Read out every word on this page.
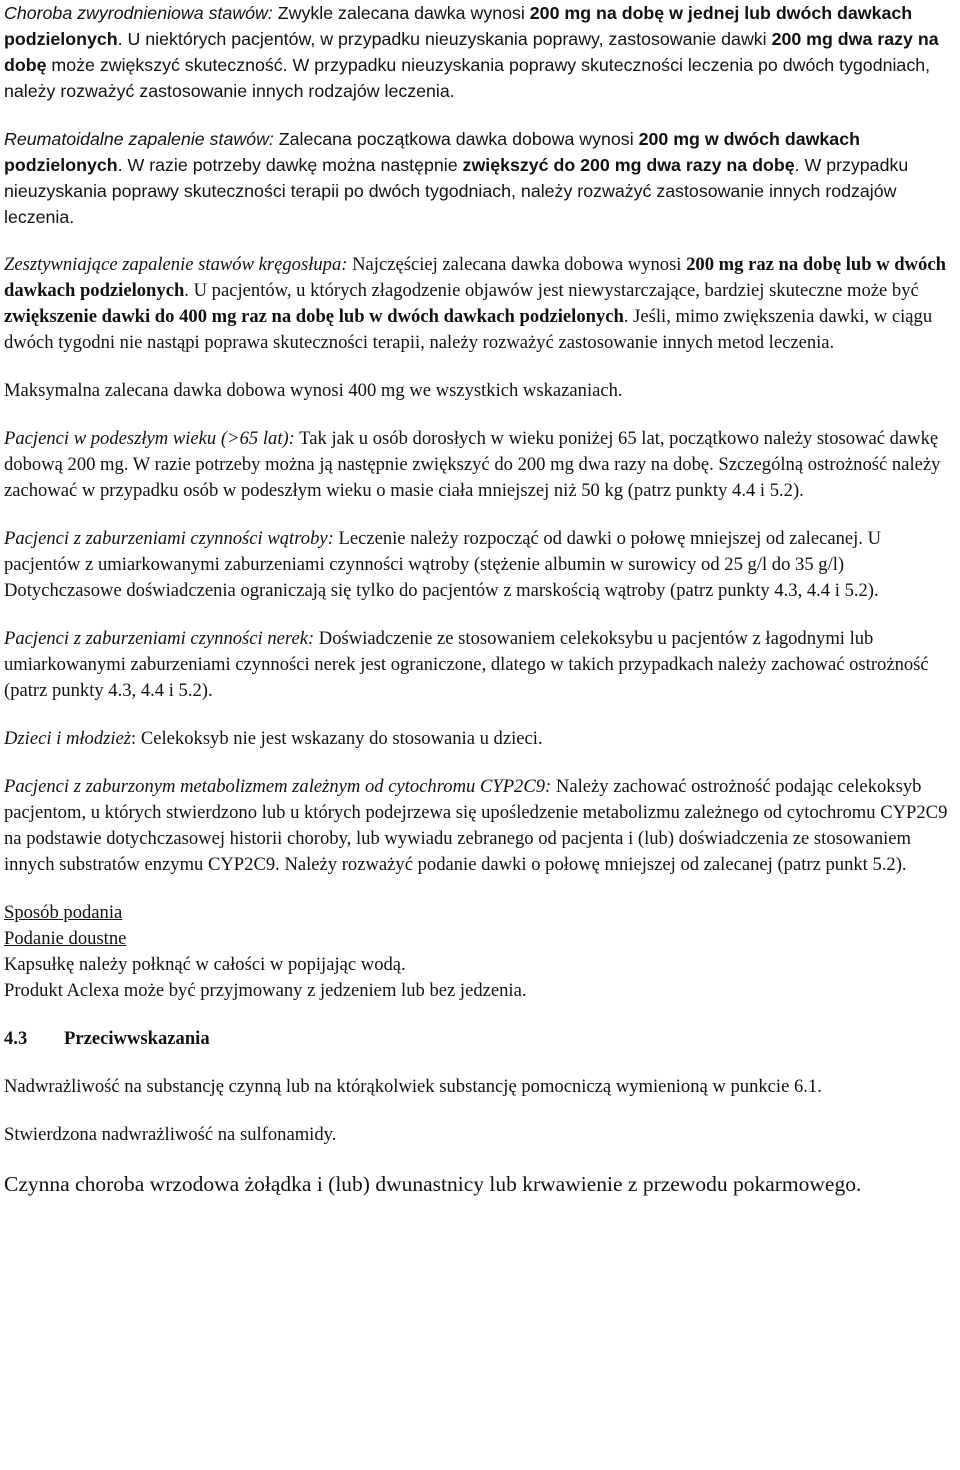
Choroba zwyrodnieniowa stawów: Zwykle zalecana dawka wynosi 200 mg na dobę w jednej lub dwóch dawkach podzielonych. U niektórych pacjentów, w przypadku nieuzyskania poprawy, zastosowanie dawki 200 mg dwa razy na dobę może zwiększyć skuteczność. W przypadku nieuzyskania poprawy skuteczności leczenia po dwóch tygodniach, należy rozważyć zastosowanie innych rodzajów leczenia.

Reumatoidalne zapalenie stawów: Zalecana początkowa dawka dobowa wynosi 200 mg w dwóch dawkach podzielonych. W razie potrzeby dawkę można następnie zwiększyć do 200 mg dwa razy na dobę. W przypadku nieuzyskania poprawy skuteczności terapii po dwóch tygodniach, należy rozważyć zastosowanie innych rodzajów leczenia.

Zesztywniające zapalenie stawów kręgosłupa: Najczęściej zalecana dawka dobowa wynosi 200 mg raz na dobę lub w dwóch dawkach podzielonych. U pacjentów, u których złagodzenie objawów jest niewystarczające, bardziej skuteczne może być zwiększenie dawki do 400 mg raz na dobę lub w dwóch dawkach podzielonych. Jeśli, mimo zwiększenia dawki, w ciągu dwóch tygodni nie nastąpi poprawa skuteczności terapii, należy rozważyć zastosowanie innych metod leczenia.

Maksymalna zalecana dawka dobowa wynosi 400 mg we wszystkich wskazaniach.

Pacjenci w podeszłym wieku (>65 lat): Tak jak u osób dorosłych w wieku poniżej 65 lat, początkowo należy stosować dawkę dobową 200 mg. W razie potrzeby można ją następnie zwiększyć do 200 mg dwa razy na dobę. Szczególną ostrożność należy zachować w przypadku osób w podeszłym wieku o masie ciała mniejszej niż 50 kg (patrz punkty 4.4 i 5.2).

Pacjenci z zaburzeniami czynności wątroby: Leczenie należy rozpocząć od dawki o połowę mniejszej od zalecanej. U pacjentów z umiarkowanymi zaburzeniami czynności wątroby (stężenie albumin w surowicy od 25 g/l do 35 g/l) Dotychczasowe doświadczenia ograniczają się tylko do pacjentów z marskością wątroby (patrz punkty 4.3, 4.4 i 5.2).

Pacjenci z zaburzeniami czynności nerek: Doświadczenie ze stosowaniem celekoksybu u pacjentów z łagodnymi lub umiarkowanymi zaburzeniami czynności nerek jest ograniczone, dlatego w takich przypadkach należy zachować ostrożność (patrz punkty 4.3, 4.4 i 5.2).

Dzieci i młodzież: Celekoksyb nie jest wskazany do stosowania u dzieci.

Pacjenci z zaburzonym metabolizmem zależnym od cytochromu CYP2C9: Należy zachować ostrożność podając celekoksyb pacjentom, u których stwierdzono lub u których podejrzewa się upośledzenie metabolizmu zależnego od cytochromu CYP2C9 na podstawie dotychczasowej historii choroby, lub wywiadu zebranego od pacjenta i (lub) doświadczenia ze stosowaniem innych substratów enzymu CYP2C9. Należy rozważyć podanie dawki o połowę mniejszej od zalecanej (patrz punkt 5.2).

Sposób podania

Podanie doustne

Kapsułkę należy połknąć w całości w popijając wodą.

Produkt Aclexa może być przyjmowany z jedzeniem lub bez jedzenia.

4.3 Przeciwwskazania

Nadwrażliwość na substancję czynną lub na którąkolwiek substancję pomocniczą wymienioną w punkcie 6.1.

Stwierdzona nadwrażliwość na sulfonamidy.

Czynna choroba wrzodowa żołądka i (lub) dwunastnicy lub krwawienie z przewodu pokarmowego.
